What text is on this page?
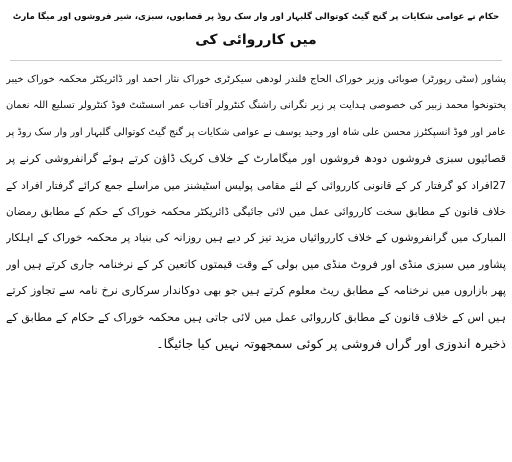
حکام نے عوامی شکایات پر گنج گیٹ کوتوالی گلبہار اور وار سک روڈ پر قصابوں، سبزی، شیر فروشوں اور میگا مارٹ
میں کارروائی کی
پشاور (سٹی رپورٹر) صوبائی وزیر خوراک الحاج قلندر لودھی سیکرٹری خوراک نثار احمد اور ڈائریکٹر محکمہ خوراک خیبر
پختونخوا محمد زبیر کی خصوصی ہدایت پر زیر نگرانی راشنگ کنٹرولر آفتاب عمر اسسٹنٹ فوڈ کنٹرولر تسلیع اللہ نعمان
عامر اور فوڈ انسپکٹرز محسن علی شاہ اور وحید یوسف نے عوامی شکایات پر گنج گیٹ کوتوالی گلبہار اور وار سک روڈ پر
قصائیوں سبزی فروشوں دودھ فروشوں اور میگامارٹ کے خلاف کریک ڈاؤن کرتے ہوئے گرانفروشی کرنے پر
27افراد کو گرفتار کر کے قانونی کارروائی کے لئے مقامی پولیس اسٹیشنز میں مراسلے جمع کرائے گرفتار افراد کے
خلاف قانون کے مطابق سخت کارروائی عمل میں لائی جائیگی ڈائریکٹر محکمہ خوراک کے حکم کے مطابق رمضان
المبارک میں گرانفروشوں کے خلاف کارروائیاں مزید تیز کر دیے ہیں روزانہ کی بنیاد پر محکمہ خوراک کے اہلکار
پشاور میں سبزی منڈی اور فروٹ منڈی میں بولی کے وقت قیمتوں کاتعین کر کے نرخنامہ جاری کرتے ہیں اور
پھر بازاروں میں نرخنامہ کے مطابق ریٹ معلوم کرتے ہیں جو بھی دوکاندار سرکاری نرخ نامہ سے تجاوز کرتے
ہیں اس کے خلاف قانون کے مطابق کارروائی عمل میں لائی جاتی ہیں محکمہ خوراک کے حکام کے مطابق کے
ذخیرہ اندوزی اور گراں فروشی پر کوئی سمجھوتہ نہیں کیا جائیگا۔
